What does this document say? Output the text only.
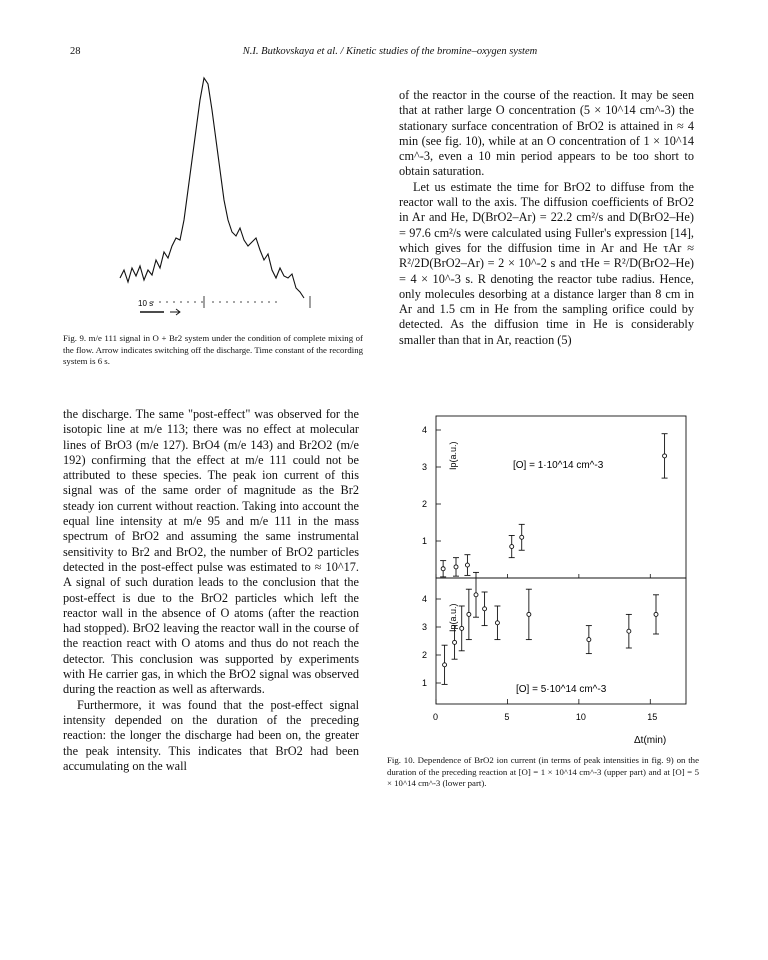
28	N.I. Butkovskaya et al. / Kinetic studies of the bromine–oxygen system
10 s
Fig. 9. m/e 111 signal in O + Br2 system under the condition of complete mixing of the flow. Arrow indicates switching off the discharge. Time constant of the recording system is 6 s.

of the reactor in the course of the reaction. It may be seen that at rather large O concentration (5 × 10^14 cm^-3) the stationary surface concentration of BrO2 is attained in ≈ 4 min (see fig. 10), while at an O concentration of 1 × 10^14 cm^-3, even a 10 min period appears to be too short to obtain saturation.

Let us estimate the time for BrO2 to diffuse from the reactor wall to the axis. The diffusion coefficients of BrO2 in Ar and He, D(BrO2–Ar) = 22.2 cm²/s and D(BrO2–He) = 97.6 cm²/s were calculated using Fuller's expression [14], which gives for the diffusion time in Ar and He τAr ≈ R²/2D(BrO2–Ar) = 2 × 10^-2 s and τHe = R²/D(BrO2–He) = 4 × 10^-3 s. R denoting the reactor tube radius. Hence, only molecules desorbing at a distance larger than 8 cm in Ar and 1.5 cm in He from the sampling orifice could by detected. As the diffusion time in He is considerably smaller than that in Ar, reaction (5)

the discharge. The same "post-effect" was observed for the isotopic line at m/e 113; there was no effect at molecular lines of BrO3 (m/e 127). BrO4 (m/e 143) and Br2O2 (m/e 192) confirming that the effect at m/e 111 could not be attributed to these species. The peak ion current of this signal was of the same order of magnitude as the Br2 steady ion current without reaction. Taking into account the equal line intensity at m/e 95 and m/e 111 in the mass spectrum of BrO2 and assuming the same instrumental sensitivity to Br2 and BrO2, the number of BrO2 particles detected in the post-effect pulse was estimated to ≈ 10^17. A signal of such duration leads to the conclusion that the post-effect is due to the BrO2 particles which left the reactor wall in the absence of O atoms (after the reaction had stopped). BrO2 leaving the reactor wall in the course of the reaction react with O atoms and thus do not reach the detector. This conclusion was supported by experiments with He carrier gas, in which the BrO2 signal was observed during the reaction as well as afterwards.

Furthermore, it was found that the post-effect signal intensity depended on the duration of the preceding reaction: the longer the discharge had been on, the greater the peak intensity. This indicates that BrO2 had been accumulating on the wall

1
2
3
4
1
2
3
4
0	5	10	15
[O] = 1·10^14 cm^-3
[O] = 5·10^14 cm^-3
Ip(a.u.)
Ip(a.u.)
Δt(min)
Fig. 10. Dependence of BrO2 ion current (in terms of peak intensities in fig. 9) on the duration of the preceding reaction at [O] = 1 × 10^14 cm^-3 (upper part) and at [O] = 5 × 10^14 cm^-3 (lower part).
